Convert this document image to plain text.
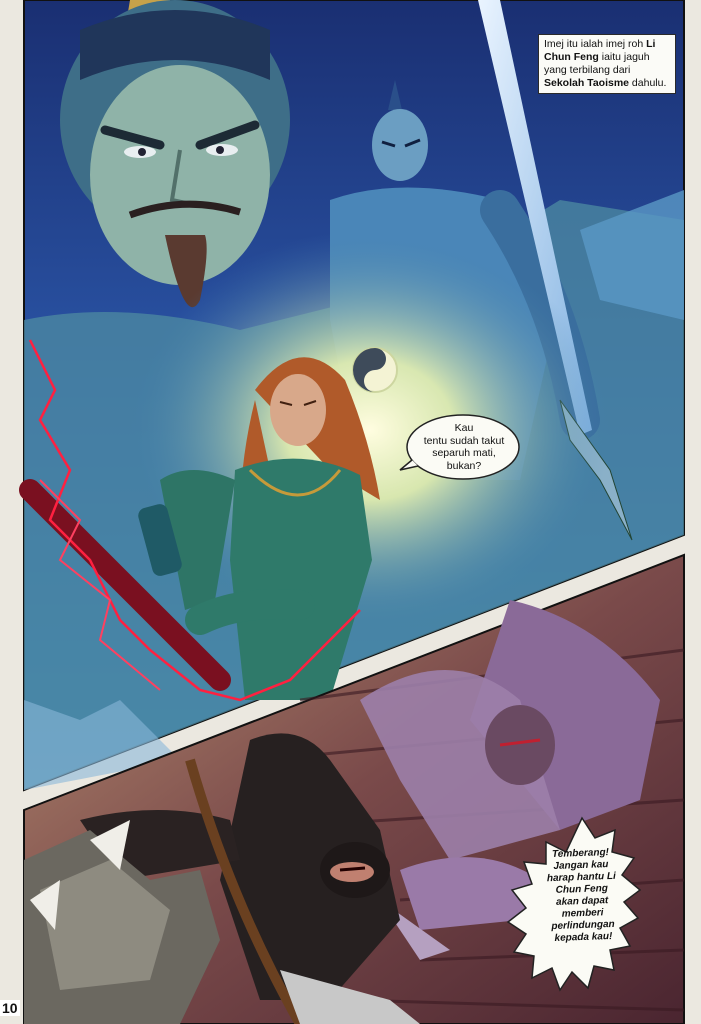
Imej itu ialah imej roh Li Chun Feng iaitu jaguh yang terbilang dari Sekolah Taoisme dahulu.
Kau
tentu sudah takut
separuh mati,
bukan?
Temberang!
Jangan kau
harap hantu Li
Chun Feng
akan dapat
memberi
perlindungan
kepada kau!
10
